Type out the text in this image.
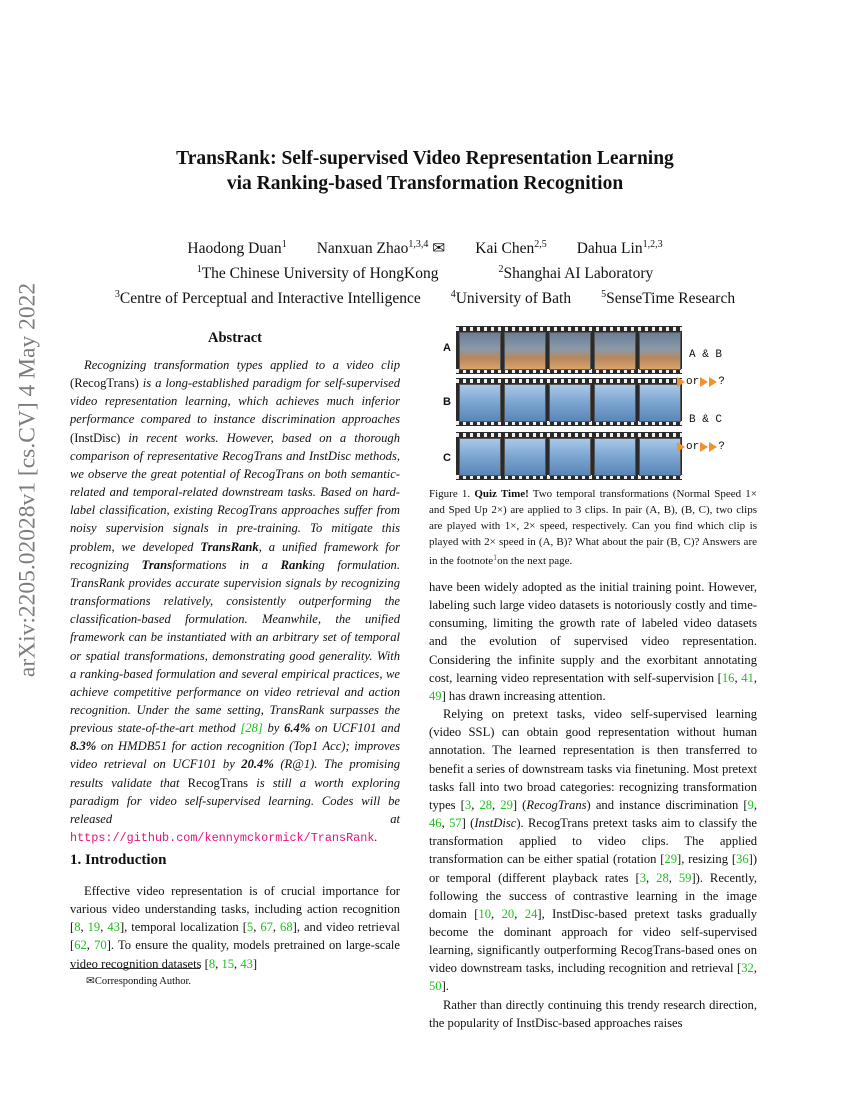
arXiv:2205.02028v1 [cs.CV] 4 May 2022
TransRank: Self-supervised Video Representation Learning
via Ranking-based Transformation Recognition
Haodong Duan$^1$ Nanxuan Zhao$^{1,3,4}$ ✉ Kai Chen$^{2,5}$ Dahua Lin$^{1,2,3}$
$^1$The Chinese University of HongKong	$^2$Shanghai AI Laboratory
$^3$Centre of Perceptual and Interactive Intelligence	$^4$University of Bath	$^5$SenseTime Research
Abstract
Recognizing transformation types applied to a video clip (RecogTrans) is a long-established paradigm for self-supervised video representation learning, which achieves much inferior performance compared to instance discrimination approaches (InstDisc) in recent works. However, based on a thorough comparison of representative RecogTrans and InstDisc methods, we observe the great potential of RecogTrans on both semantic-related and temporal-related downstream tasks. Based on hard-label classification, existing RecogTrans approaches suffer from noisy supervision signals in pre-training. To mitigate this problem, we developed TransRank, a unified framework for recognizing Transformations in a Ranking formulation. TransRank provides accurate supervision signals by recognizing transformations relatively, consistently outperforming the classification-based formulation. Meanwhile, the unified framework can be instantiated with an arbitrary set of temporal or spatial transformations, demonstrating good generality. With a ranking-based formulation and several empirical practices, we achieve competitive performance on video retrieval and action recognition. Under the same setting, TransRank surpasses the previous state-of-the-art method [28] by 6.4% on UCF101 and 8.3% on HMDB51 for action recognition (Top1 Acc); improves video retrieval on UCF101 by 20.4% (R@1). The promising results validate that RecogTrans is still a worth exploring paradigm for video self-supervised learning. Codes will be released at https://github.com/kennymckormick/TransRank.
1. Introduction
Effective video representation is of crucial importance for various video understanding tasks, including action recognition [8, 19, 43], temporal localization [5, 67, 68], and video retrieval [62, 70]. To ensure the quality, models pretrained on large-scale video recognition datasets [8, 15, 43]
✉Corresponding Author.
A
A & B
B
or ?
B & C
C
or ?
Figure 1. Quiz Time! Two temporal transformations (Normal Speed 1× and Sped Up 2×) are applied to 3 clips. In pair (A, B), (B, C), two clips are played with 1×, 2× speed, respectively. Can you find which clip is played with 2× speed in (A, B)? What about the pair (B, C)? Answers are in the footnote$^1$on the next page.

have been widely adopted as the initial training point. However, labeling such large video datasets is notoriously costly and time-consuming, limiting the growth rate of labeled video datasets and the evolution of supervised video representation. Considering the infinite supply and the exorbitant annotating cost, learning video representation with self-supervision [16, 41, 49] has drawn increasing attention.

Relying on pretext tasks, video self-supervised learning (video SSL) can obtain good representation without human annotation. The learned representation is then transferred to benefit a series of downstream tasks via finetuning. Most pretext tasks fall into two broad categories: recognizing transformation types [3, 28, 29] (RecogTrans) and instance discrimination [9, 46, 57] (InstDisc). RecogTrans pretext tasks aim to classify the transformation applied to video clips. The applied transformation can be either spatial (rotation [29], resizing [36]) or temporal (different playback rates [3, 28, 59]). Recently, following the success of contrastive learning in the image domain [10, 20, 24], InstDisc-based pretext tasks gradually become the dominant approach for video self-supervised learning, significantly outperforming RecogTrans-based ones on video downstream tasks, including recognition and retrieval [32, 50].

Rather than directly continuing this trendy research direction, the popularity of InstDisc-based approaches raises
